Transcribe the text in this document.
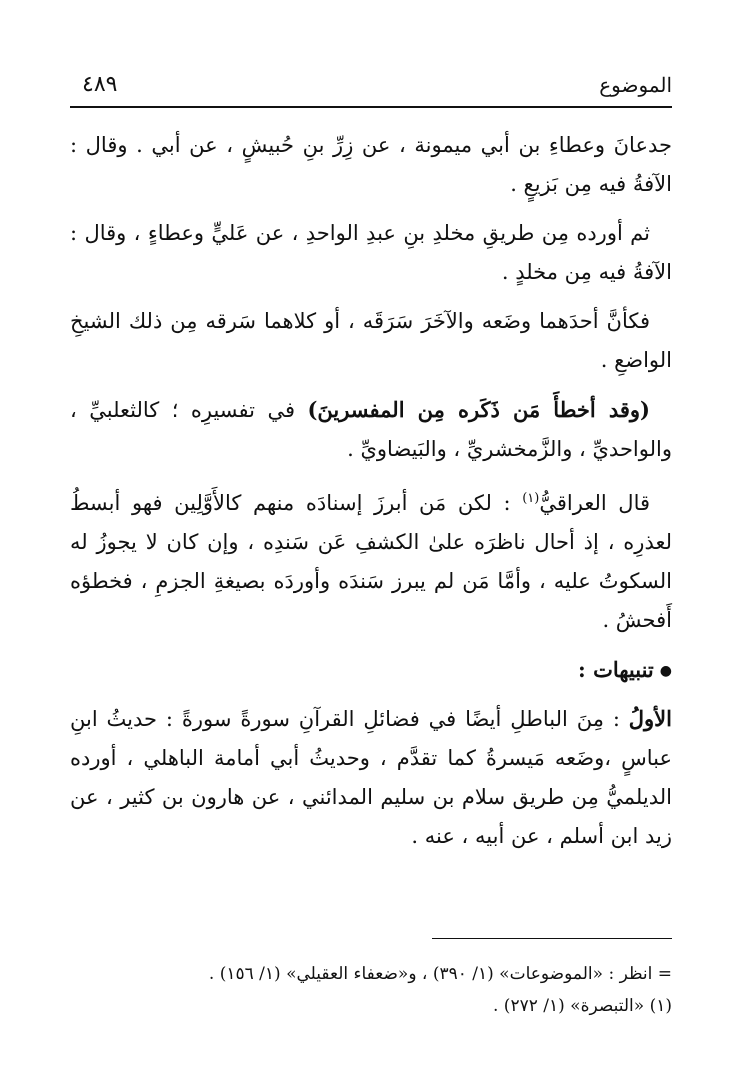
الموضوع
٤٨٩

جدعانَ وعطاءِ بن أبي ميمونة ، عن زِرِّ بنِ حُبيشٍ ، عن أبي . وقال : الآفةُ فيه مِن بَزيعٍ .

ثم أورده مِن طريقِ مخلدِ بنِ عبدِ الواحدِ ، عن عَليٍّ وعطاءٍ ، وقال : الآفةُ فيه مِن مخلدٍ .

فكأنَّ أحدَهما وضَعه والآخَرَ سَرَقَه ، أو كلاهما سَرقه مِن ذلك الشيخِ الواضعِ .

(وقد أخطأَ مَن ذَكَره مِن المفسرينَ) في تفسيرِه ؛ كالثعلبيِّ ، والواحديِّ ، والزَّمخشريِّ ، والبَيضاويِّ .

قال العراقيُّ$^{(١)}$ : لكن مَن أبرزَ إسنادَه منهم كالأَوَّلِين فهو أبسطُ لعذرِه ، إذ أحال ناظرَه علىٰ الكشفِ عَن سَندِه ، وإن كان لا يجوزُ له السكوتُ عليه ، وأمَّا مَن لم يبرز سَندَه وأوردَه بصيغةِ الجزمِ ، فخطؤه أَفحشُ .

●تنبيهات :

الأولُ : مِنَ الباطلِ أيضًا في فضائلِ القرآنِ سورةً سورةً : حديثُ ابنِ عباسٍ ،وضَعه مَيسرةُ كما تقدَّم ، وحديثُ أبي أمامة الباهلي ، أورده الديلميُّ مِن طريق سلام بن سليم المدائني ، عن هارون بن كثير ، عن زيد ابن أسلم ، عن أبيه ، عنه .

= انظر : «الموضوعات» (١/ ٣٩٠) ، و«ضعفاء العقيلي» (١/ ١٥٦) .

(١) «التبصرة» (١/ ٢٧٢) .
